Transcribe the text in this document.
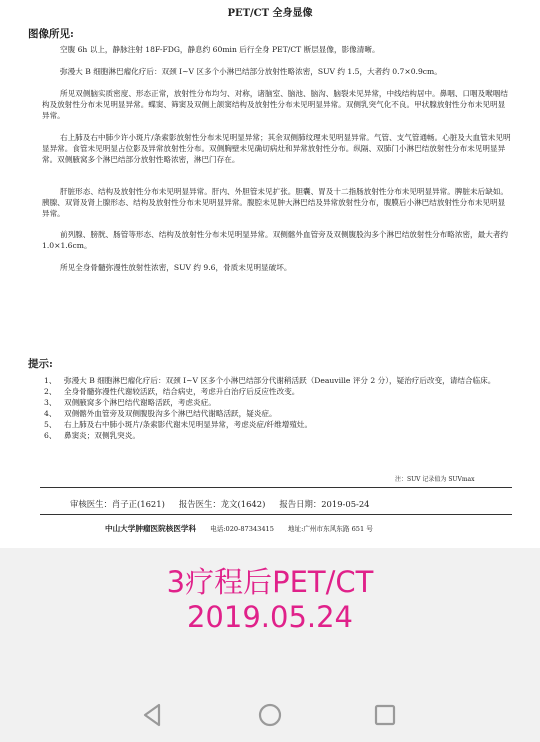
PET/CT 全身显像
图像所见:
空腹 6h 以上，静脉注射 18F-FDG，静息约 60min 后行全身 PET/CT 断层显像，影像清晰。
弥漫大 B 细胞淋巴瘤化疗后：双颈 I~V 区多个小淋巴结部分放射性略浓密，SUV 约 1.5，大者约 0.7×0.9cm。
所见双侧脑实质密度、形态正常，放射性分布均匀、对称，诸脑室、脑池、脑沟、脑裂未见异常，中线结构居中。鼻咽、口咽及喉咽结构及放射性分布未见明显异常。蝶窦、筛窦及双侧上颌窦结构及放射性分布未见明显异常。双侧乳突气化不良。甲状腺放射性分布未见明显异常。
右上肺及右中肺少许小斑片/条索影放射性分布未见明显异常；其余双侧肺纹理未见明显异常。气管、支气管通畅。心脏及大血管未见明显异常。食管未见明显占位影及异常放射性分布。双侧胸壁未见确切病灶和异常放射性分布。纵隔、双肺门小淋巴结放射性分布未见明显异常。双侧腋窝多个淋巴结部分放射性略浓密，淋巴门存在。
肝脏形态、结构及放射性分布未见明显异常。肝内、外胆管未见扩张。胆囊、胃及十二指肠放射性分布未见明显异常。脾脏未后缺如。胰腺、双肾及肾上腺形态、结构及放射性分布未见明显异常。腹腔未见肿大淋巴结及异常放射性分布，腹膜后小淋巴结放射性分布未见明显异常。
前列腺、膀胱、肠管等形态、结构及放射性分布未见明显异常。双侧髂外血管旁及双侧腹股沟多个淋巴结放射性分布略浓密，最大者约 1.0×1.6cm。
所见全身骨髓弥漫性放射性浓密，SUV 约 9.6，骨质未见明显破坏。
提示:
1、 弥漫大 B 细胞淋巴瘤化疗后：双颈 I~V 区多个小淋巴结部分代谢稍活跃（Deauville 评分 2 分），疑治疗后改变，请结合临床。
2、 全身骨髓弥漫性代谢较活跃，结合病史，考虑升白治疗后反应性改变。
3、 双侧腋窝多个淋巴结代谢略活跃，考虑炎症。
4、 双侧髂外血管旁及双侧腹股沟多个淋巴结代谢略活跃，疑炎症。
5、 右上肺及右中肺小斑片/条索影代谢未见明显异常，考虑炎症/纤维增殖灶。
6、 鼻窦炎；双侧乳突炎。
注：SUV 记录值为 SUVmax
审核医生：肖子正(1621) 报告医生：龙文(1642) 报告日期：2019-05-24
中山大学肿瘤医院核医学科 电话:020-87343415 地址:广州市东风东路 651 号
3疗程后PET/CT
2019.05.24
